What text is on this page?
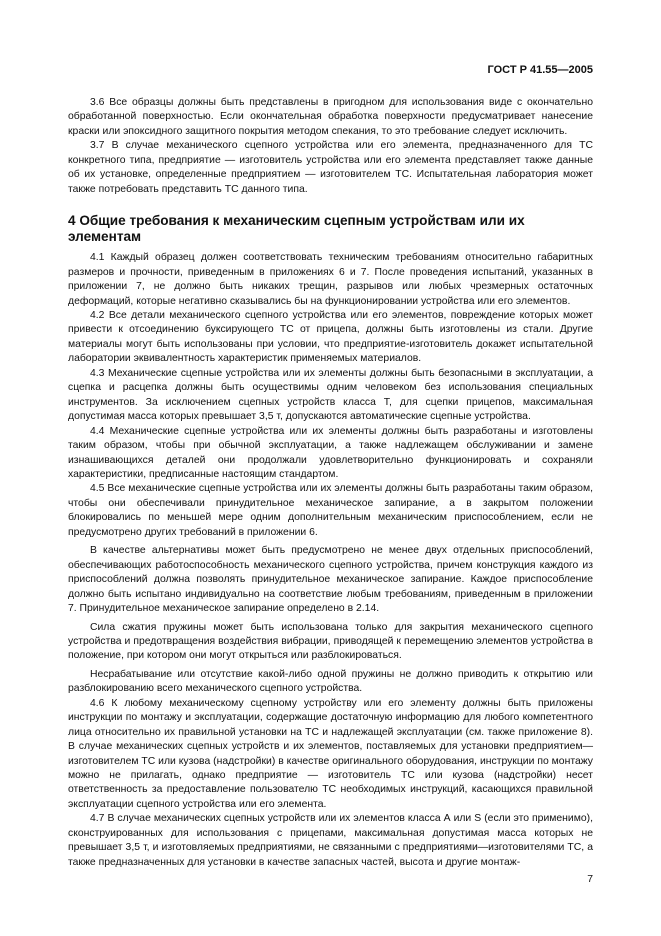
ГОСТ Р 41.55—2005

3.6 Все образцы должны быть представлены в пригодном для использования виде с окончательно обработанной поверхностью. Если окончательная обработка поверхности предусматривает нанесение краски или эпоксидного защитного покрытия методом спекания, то это требование следует исключить.

3.7 В случае механического сцепного устройства или его элемента, предназначенного для ТС конкретного типа, предприятие — изготовитель устройства или его элемента представляет также данные об их установке, определенные предприятием — изготовителем ТС. Испытательная лаборатория может также потребовать представить ТС данного типа.

4 Общие требования к механическим сцепным устройствам или их элементам

4.1 Каждый образец должен соответствовать техническим требованиям относительно габаритных размеров и прочности, приведенным в приложениях 6 и 7. После проведения испытаний, указанных в приложении 7, не должно быть никаких трещин, разрывов или любых чрезмерных остаточных деформаций, которые негативно сказывались бы на функционировании устройства или его элементов.

4.2 Все детали механического сцепного устройства или его элементов, повреждение которых может привести к отсоединению буксирующего ТС от прицепа, должны быть изготовлены из стали. Другие материалы могут быть использованы при условии, что предприятие-изготовитель докажет испытательной лаборатории эквивалентность характеристик применяемых материалов.

4.3 Механические сцепные устройства или их элементы должны быть безопасными в эксплуатации, а сцепка и расцепка должны быть осуществимы одним человеком без использования специальных инструментов. За исключением сцепных устройств класса Т, для сцепки прицепов, максимальная допустимая масса которых превышает 3,5 т, допускаются автоматические сцепные устройства.

4.4 Механические сцепные устройства или их элементы должны быть разработаны и изготовлены таким образом, чтобы при обычной эксплуатации, а также надлежащем обслуживании и замене изнашивающихся деталей они продолжали удовлетворительно функционировать и сохраняли характеристики, предписанные настоящим стандартом.

4.5 Все механические сцепные устройства или их элементы должны быть разработаны таким образом, чтобы они обеспечивали принудительное механическое запирание, а в закрытом положении блокировались по меньшей мере одним дополнительным механическим приспособлением, если не предусмотрено других требований в приложении 6.

В качестве альтернативы может быть предусмотрено не менее двух отдельных приспособлений, обеспечивающих работоспособность механического сцепного устройства, причем конструкция каждого из приспособлений должна позволять принудительное механическое запирание. Каждое приспособление должно быть испытано индивидуально на соответствие любым требованиям, приведенным в приложении 7. Принудительное механическое запирание определено в 2.14.

Сила сжатия пружины может быть использована только для закрытия механического сцепного устройства и предотвращения воздействия вибрации, приводящей к перемещению элементов устройства в положение, при котором они могут открыться или разблокироваться.

Несрабатывание или отсутствие какой-либо одной пружины не должно приводить к открытию или разблокированию всего механического сцепного устройства.

4.6 К любому механическому сцепному устройству или его элементу должны быть приложены инструкции по монтажу и эксплуатации, содержащие достаточную информацию для любого компетентного лица относительно их правильной установки на ТС и надлежащей эксплуатации (см. также приложение 8). В случае механических сцепных устройств и их элементов, поставляемых для установки предприятием—изготовителем ТС или кузова (надстройки) в качестве оригинального оборудования, инструкции по монтажу можно не прилагать, однако предприятие — изготовитель ТС или кузова (надстройки) несет ответственность за предоставление пользователю ТС необходимых инструкций, касающихся правильной эксплуатации сцепного устройства или его элемента.

4.7 В случае механических сцепных устройств или их элементов класса А или S (если это применимо), сконструированных для использования с прицепами, максимальная допустимая масса которых не превышает 3,5 т, и изготовляемых предприятиями, не связанными с предприятиями—изготовителями ТС, а также предназначенных для установки в качестве запасных частей, высота и другие монтаж-

7
